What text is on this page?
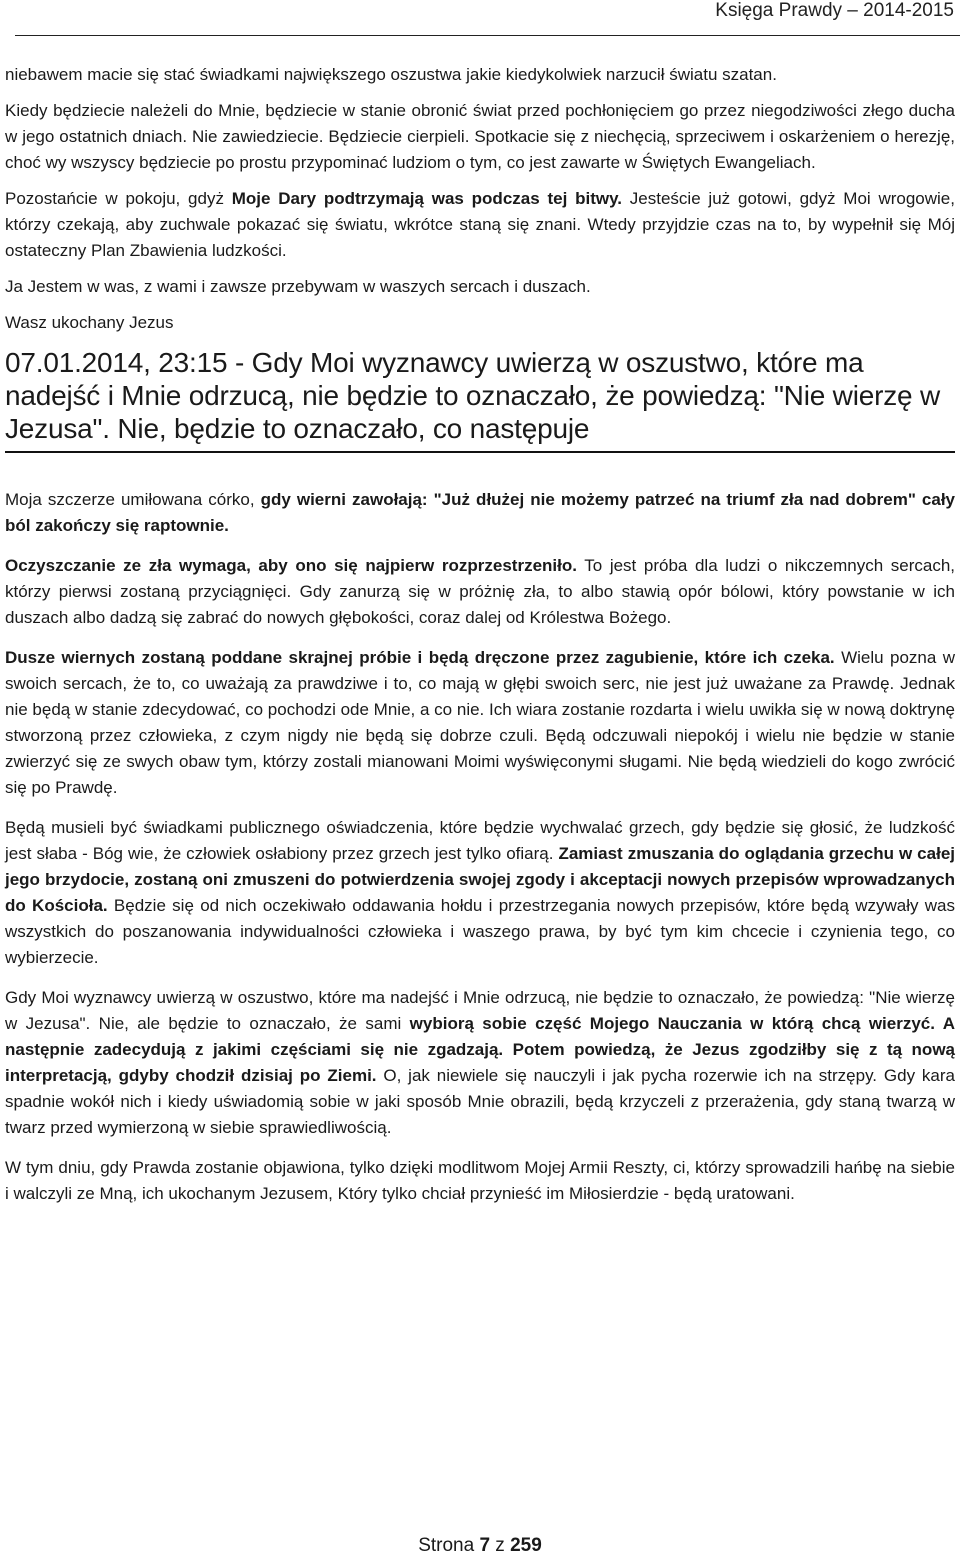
Księga Prawdy – 2014-2015

niebawem macie się stać świadkami największego oszustwa jakie kiedykolwiek narzucił światu szatan.

Kiedy będziecie należeli do Mnie, będziecie w stanie obronić świat przed pochłonięciem go przez niegodziwości złego ducha w jego ostatnich dniach. Nie zawiedziecie. Będziecie cierpieli. Spotkacie się z niechęcią, sprzeciwem i oskarżeniem o herezję, choć wy wszyscy będziecie po prostu przypominać ludziom o tym, co jest zawarte w Świętych Ewangeliach.

Pozostańcie w pokoju, gdyż Moje Dary podtrzymają was podczas tej bitwy. Jesteście już gotowi, gdyż Moi wrogowie, którzy czekają, aby zuchwale pokazać się światu, wkrótce staną się znani. Wtedy przyjdzie czas na to, by wypełnił się Mój ostateczny Plan Zbawienia ludzkości.

Ja Jestem w was, z wami i zawsze przebywam w waszych sercach i duszach.

Wasz ukochany Jezus

07.01.2014, 23:15 - Gdy Moi wyznawcy uwierzą w oszustwo, które ma nadejść i Mnie odrzucą, nie będzie to oznaczało, że powiedzą: "Nie wierzę w Jezusa". Nie, będzie to oznaczało, co następuje

Moja szczerze umiłowana córko, gdy wierni zawołają: "Już dłużej nie możemy patrzeć na triumf zła nad dobrem" cały ból zakończy się raptownie.

Oczyszczanie ze zła wymaga, aby ono się najpierw rozprzestrzeniło. To jest próba dla ludzi o nikczemnych sercach, którzy pierwsi zostaną przyciągnięci. Gdy zanurzą się w próżnię zła, to albo stawią opór bólowi, który powstanie w ich duszach albo dadzą się zabrać do nowych głębokości, coraz dalej od Królestwa Bożego.

Dusze wiernych zostaną poddane skrajnej próbie i będą dręczone przez zagubienie, które ich czeka. Wielu pozna w swoich sercach, że to, co uważają za prawdziwe i to, co mają w głębi swoich serc, nie jest już uważane za Prawdę. Jednak nie będą w stanie zdecydować, co pochodzi ode Mnie, a co nie. Ich wiara zostanie rozdarta i wielu uwikła się w nową doktrynę stworzoną przez człowieka, z czym nigdy nie będą się dobrze czuli. Będą odczuwali niepokój i wielu nie będzie w stanie zwierzyć się ze swych obaw tym, którzy zostali mianowani Moimi wyświęconymi sługami. Nie będą wiedzieli do kogo zwrócić się po Prawdę.

Będą musieli być świadkami publicznego oświadczenia, które będzie wychwalać grzech, gdy będzie się głosić, że ludzkość jest słaba - Bóg wie, że człowiek osłabiony przez grzech jest tylko ofiarą. Zamiast zmuszania do oglądania grzechu w całej jego brzydocie, zostaną oni zmuszeni do potwierdzenia swojej zgody i akceptacji nowych przepisów wprowadzanych do Kościoła. Będzie się od nich oczekiwało oddawania hołdu i przestrzegania nowych przepisów, które będą wzywały was wszystkich do poszanowania indywidualności człowieka i waszego prawa, by być tym kim chcecie i czynienia tego, co wybierzecie.

Gdy Moi wyznawcy uwierzą w oszustwo, które ma nadejść i Mnie odrzucą, nie będzie to oznaczało, że powiedzą: "Nie wierzę w Jezusa". Nie, ale będzie to oznaczało, że sami wybiorą sobie część Mojego Nauczania w którą chcą wierzyć. A następnie zadecydują z jakimi częściami się nie zgadzają. Potem powiedzą, że Jezus zgodziłby się z tą nową interpretacją, gdyby chodził dzisiaj po Ziemi. O, jak niewiele się nauczyli i jak pycha rozerwie ich na strzępy. Gdy kara spadnie wokół nich i kiedy uświadomią sobie w jaki sposób Mnie obrazili, będą krzyczeli z przerażenia, gdy staną twarzą w twarz przed wymierzoną w siebie sprawiedliwością.

W tym dniu, gdy Prawda zostanie objawiona, tylko dzięki modlitwom Mojej Armii Reszty, ci, którzy sprowadzili hańbę na siebie i walczyli ze Mną, ich ukochanym Jezusem, Który tylko chciał przynieść im Miłosierdzie - będą uratowani.

Strona 7 z 259
